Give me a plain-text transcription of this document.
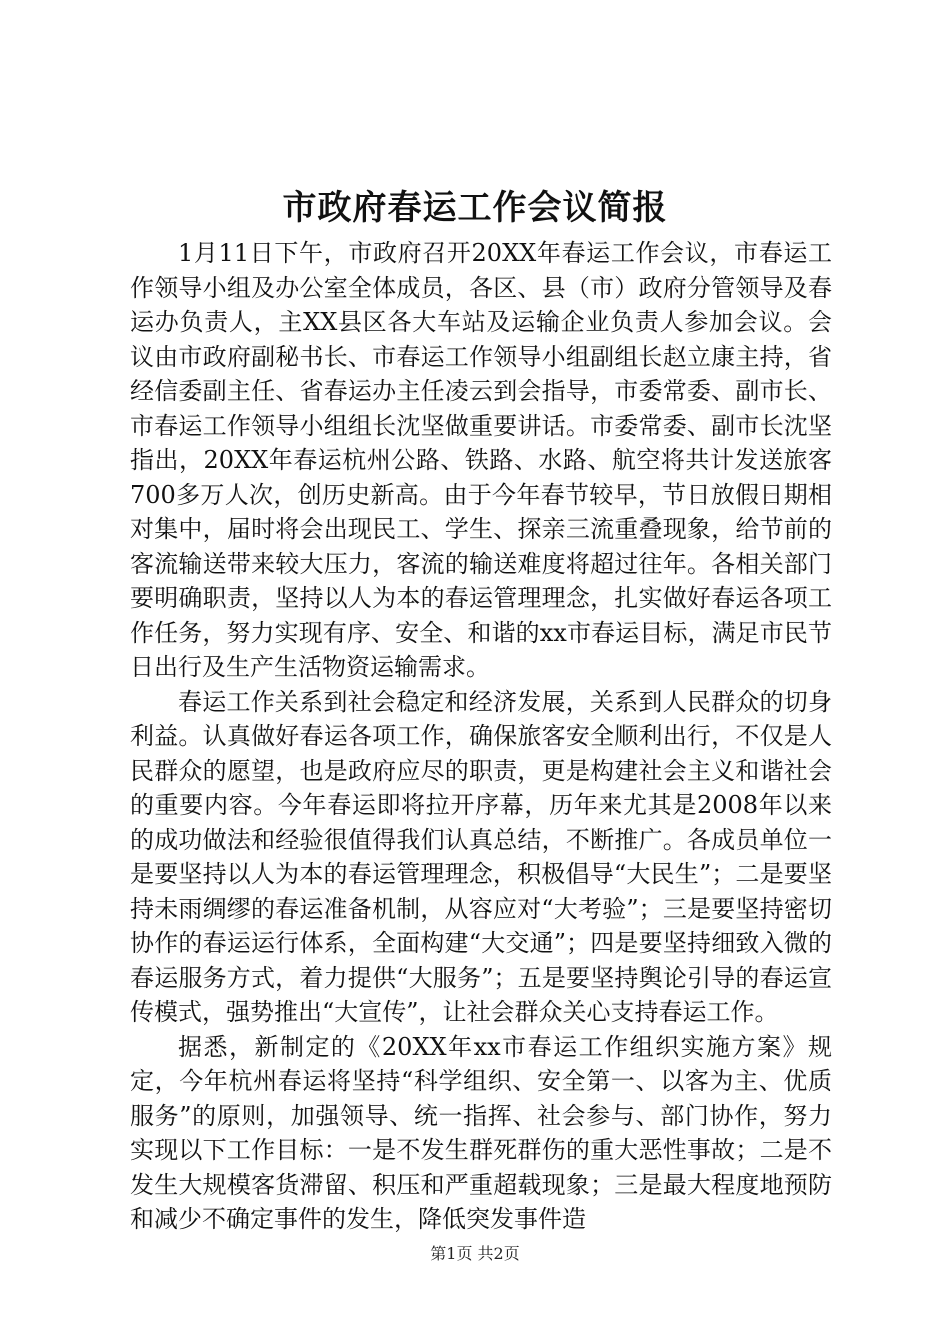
市政府春运工作会议简报

1月11日下午，市政府召开20XX年春运工作会议，市春运工作领导小组及办公室全体成员，各区、县（市）政府分管领导及春运办负责人，主XX县区各大车站及运输企业负责人参加会议。会议由市政府副秘书长、市春运工作领导小组副组长赵立康主持，省经信委副主任、省春运办主任凌云到会指导，市委常委、副市长、市春运工作领导小组组长沈坚做重要讲话。市委常委、副市长沈坚指出，20XX年春运杭州公路、铁路、水路、航空将共计发送旅客700多万人次，创历史新高。由于今年春节较早，节日放假日期相对集中，届时将会出现民工、学生、探亲三流重叠现象，给节前的客流输送带来较大压力，客流的输送难度将超过往年。各相关部门要明确职责，坚持以人为本的春运管理理念，扎实做好春运各项工作任务，努力实现有序、安全、和谐的xx市春运目标，满足市民节日出行及生产生活物资运输需求。

春运工作关系到社会稳定和经济发展，关系到人民群众的切身利益。认真做好春运各项工作，确保旅客安全顺利出行，不仅是人民群众的愿望，也是政府应尽的职责，更是构建社会主义和谐社会的重要内容。今年春运即将拉开序幕，历年来尤其是2008年以来的成功做法和经验很值得我们认真总结，不断推广。各成员单位一是要坚持以人为本的春运管理理念，积极倡导“大民生”；二是要坚持未雨绸缪的春运准备机制，从容应对“大考验”；三是要坚持密切协作的春运运行体系，全面构建“大交通”；四是要坚持细致入微的春运服务方式，着力提供“大服务”；五是要坚持舆论引导的春运宣传模式，强势推出“大宣传”，让社会群众关心支持春运工作。

据悉，新制定的《20XX年xx市春运工作组织实施方案》规定，今年杭州春运将坚持“科学组织、安全第一、以客为主、优质服务”的原则，加强领导、统一指挥、社会参与、部门协作，努力实现以下工作目标：一是不发生群死群伤的重大恶性事故；二是不发生大规模客货滞留、积压和严重超载现象；三是最大程度地预防和减少不确定事件的发生，降低突发事件造

第1页 共2页
